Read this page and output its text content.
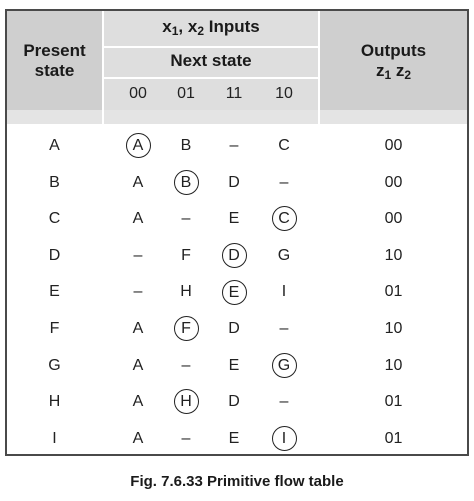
Present
state
$x_1$, $x_2$ Inputs
Next state
00	01	11	10
Outputs
$z_1$ $z_2$
A	A	B	–	C	00
B	A	B	D	–	00
C	A	–	E	C	00
D	–	F	D	G	10
E	–	H	E	I	01
F	A	F	D	–	10
G	A	–	E	G	10
H	A	H	D	–	01
I	A	–	E	I	01
Fig. 7.6.33 Primitive flow table
